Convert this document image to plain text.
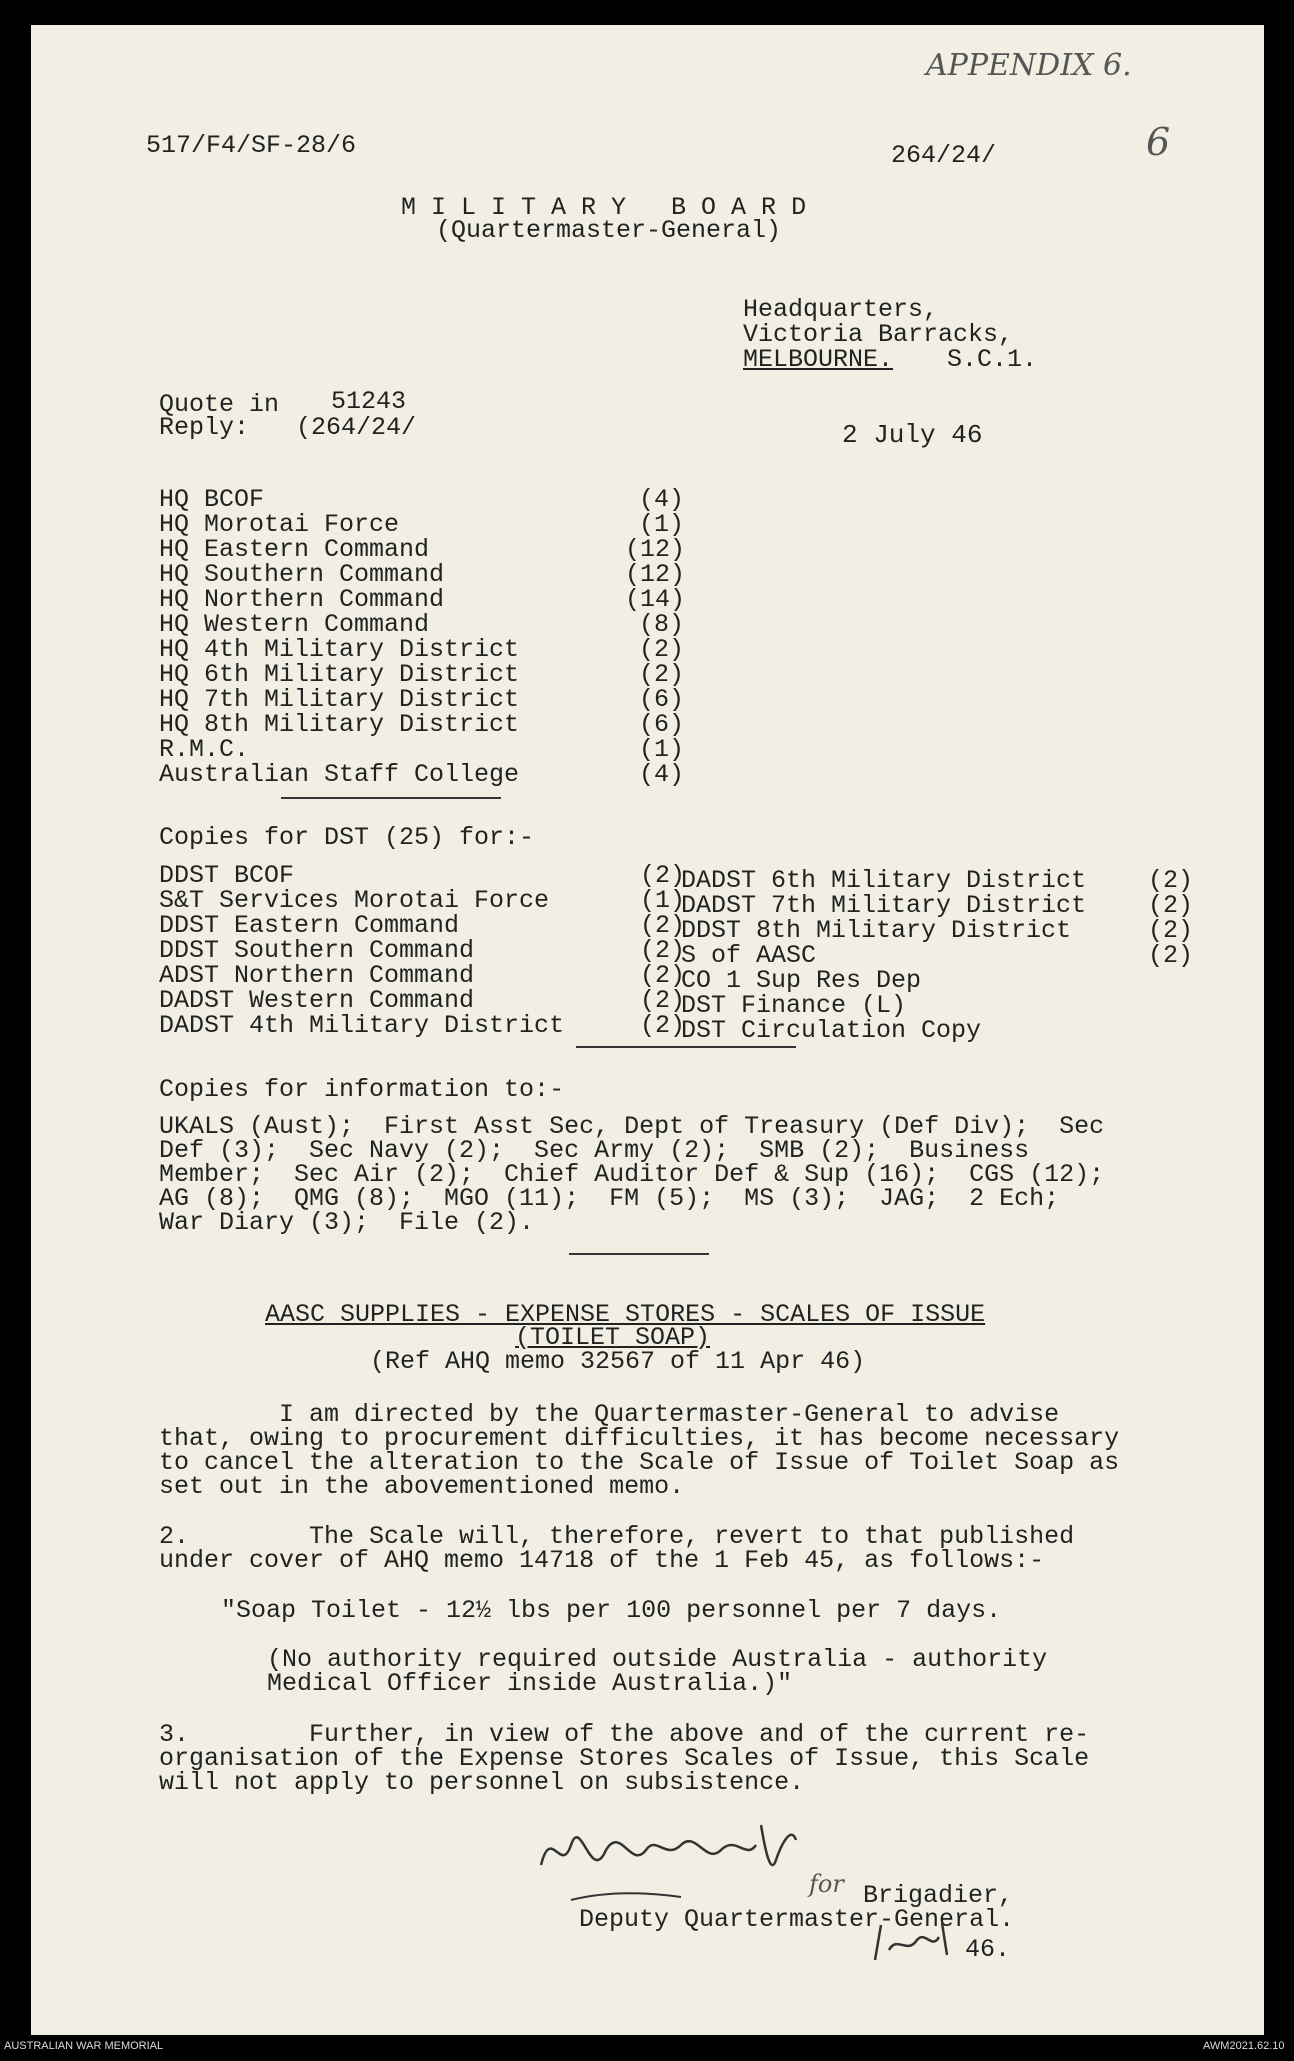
APPENDIX 6.
6
517/F4/SF-28/6	264/24/
M I L I T A R Y   B O A R D
(Quartermaster-General)
Headquarters,
Victoria Barracks,
MELBOURNE. S.C.1.
Quote in 51243
Reply: (264/24/	2 July 46
HQ BCOF	(4)
HQ Morotai Force	(1)
HQ Eastern Command	(12)
HQ Southern Command	(12)
HQ Northern Command	(14)
HQ Western Command	(8)
HQ 4th Military District	(2)
HQ 6th Military District	(2)
HQ 7th Military District	(6)
HQ 8th Military District	(6)
R.M.C.	(1)
Australian Staff College	(4)
Copies for DST (25) for:-
DDST BCOF	(2)
S&T Services Morotai Force	(1)
DDST Eastern Command	(2)
DDST Southern Command	(2)
ADST Northern Command	(2)
DADST Western Command	(2)
DADST 4th Military District	(2)
DADST 6th Military District (2)
DADST 7th Military District (2)
DDST 8th Military District	(2)
S of AASC	(2)
CO 1 Sup Res Dep
DST Finance (L)
DST Circulation Copy
Copies for information to:-
UKALS (Aust);  First Asst Sec, Dept of Treasury (Def Div);  Sec
Def (3);  Sec Navy (2);  Sec Army (2);  SMB (2);  Business
Member;  Sec Air (2);  Chief Auditor Def & Sup (16);  CGS (12);
AG (8);  QMG (8);  MGO (11);  FM (5);  MS (3);  JAG;  2 Ech;
War Diary (3);  File (2).
AASC SUPPLIES - EXPENSE STORES - SCALES OF ISSUE
(TOILET SOAP)
(Ref AHQ memo 32567 of 11 Apr 46)
I am directed by the Quartermaster-General to advise
that, owing to procurement difficulties, it has become necessary
to cancel the alteration to the Scale of Issue of Toilet Soap as
set out in the abovementioned memo.
2.        The Scale will, therefore, revert to that published
under cover of AHQ memo 14718 of the 1 Feb 45, as follows:-
"Soap Toilet - 12½ lbs per 100 personnel per 7 days.
(No authority required outside Australia - authority
Medical Officer inside Australia.)"
3.        Further, in view of the above and of the current re-
organisation of the Expense Stores Scales of Issue, this Scale
will not apply to personnel on subsistence.
for Brigadier,
Deputy Quartermaster-General.
46.
AUSTRALIAN WAR MEMORIAL	AWM2021.62.10
